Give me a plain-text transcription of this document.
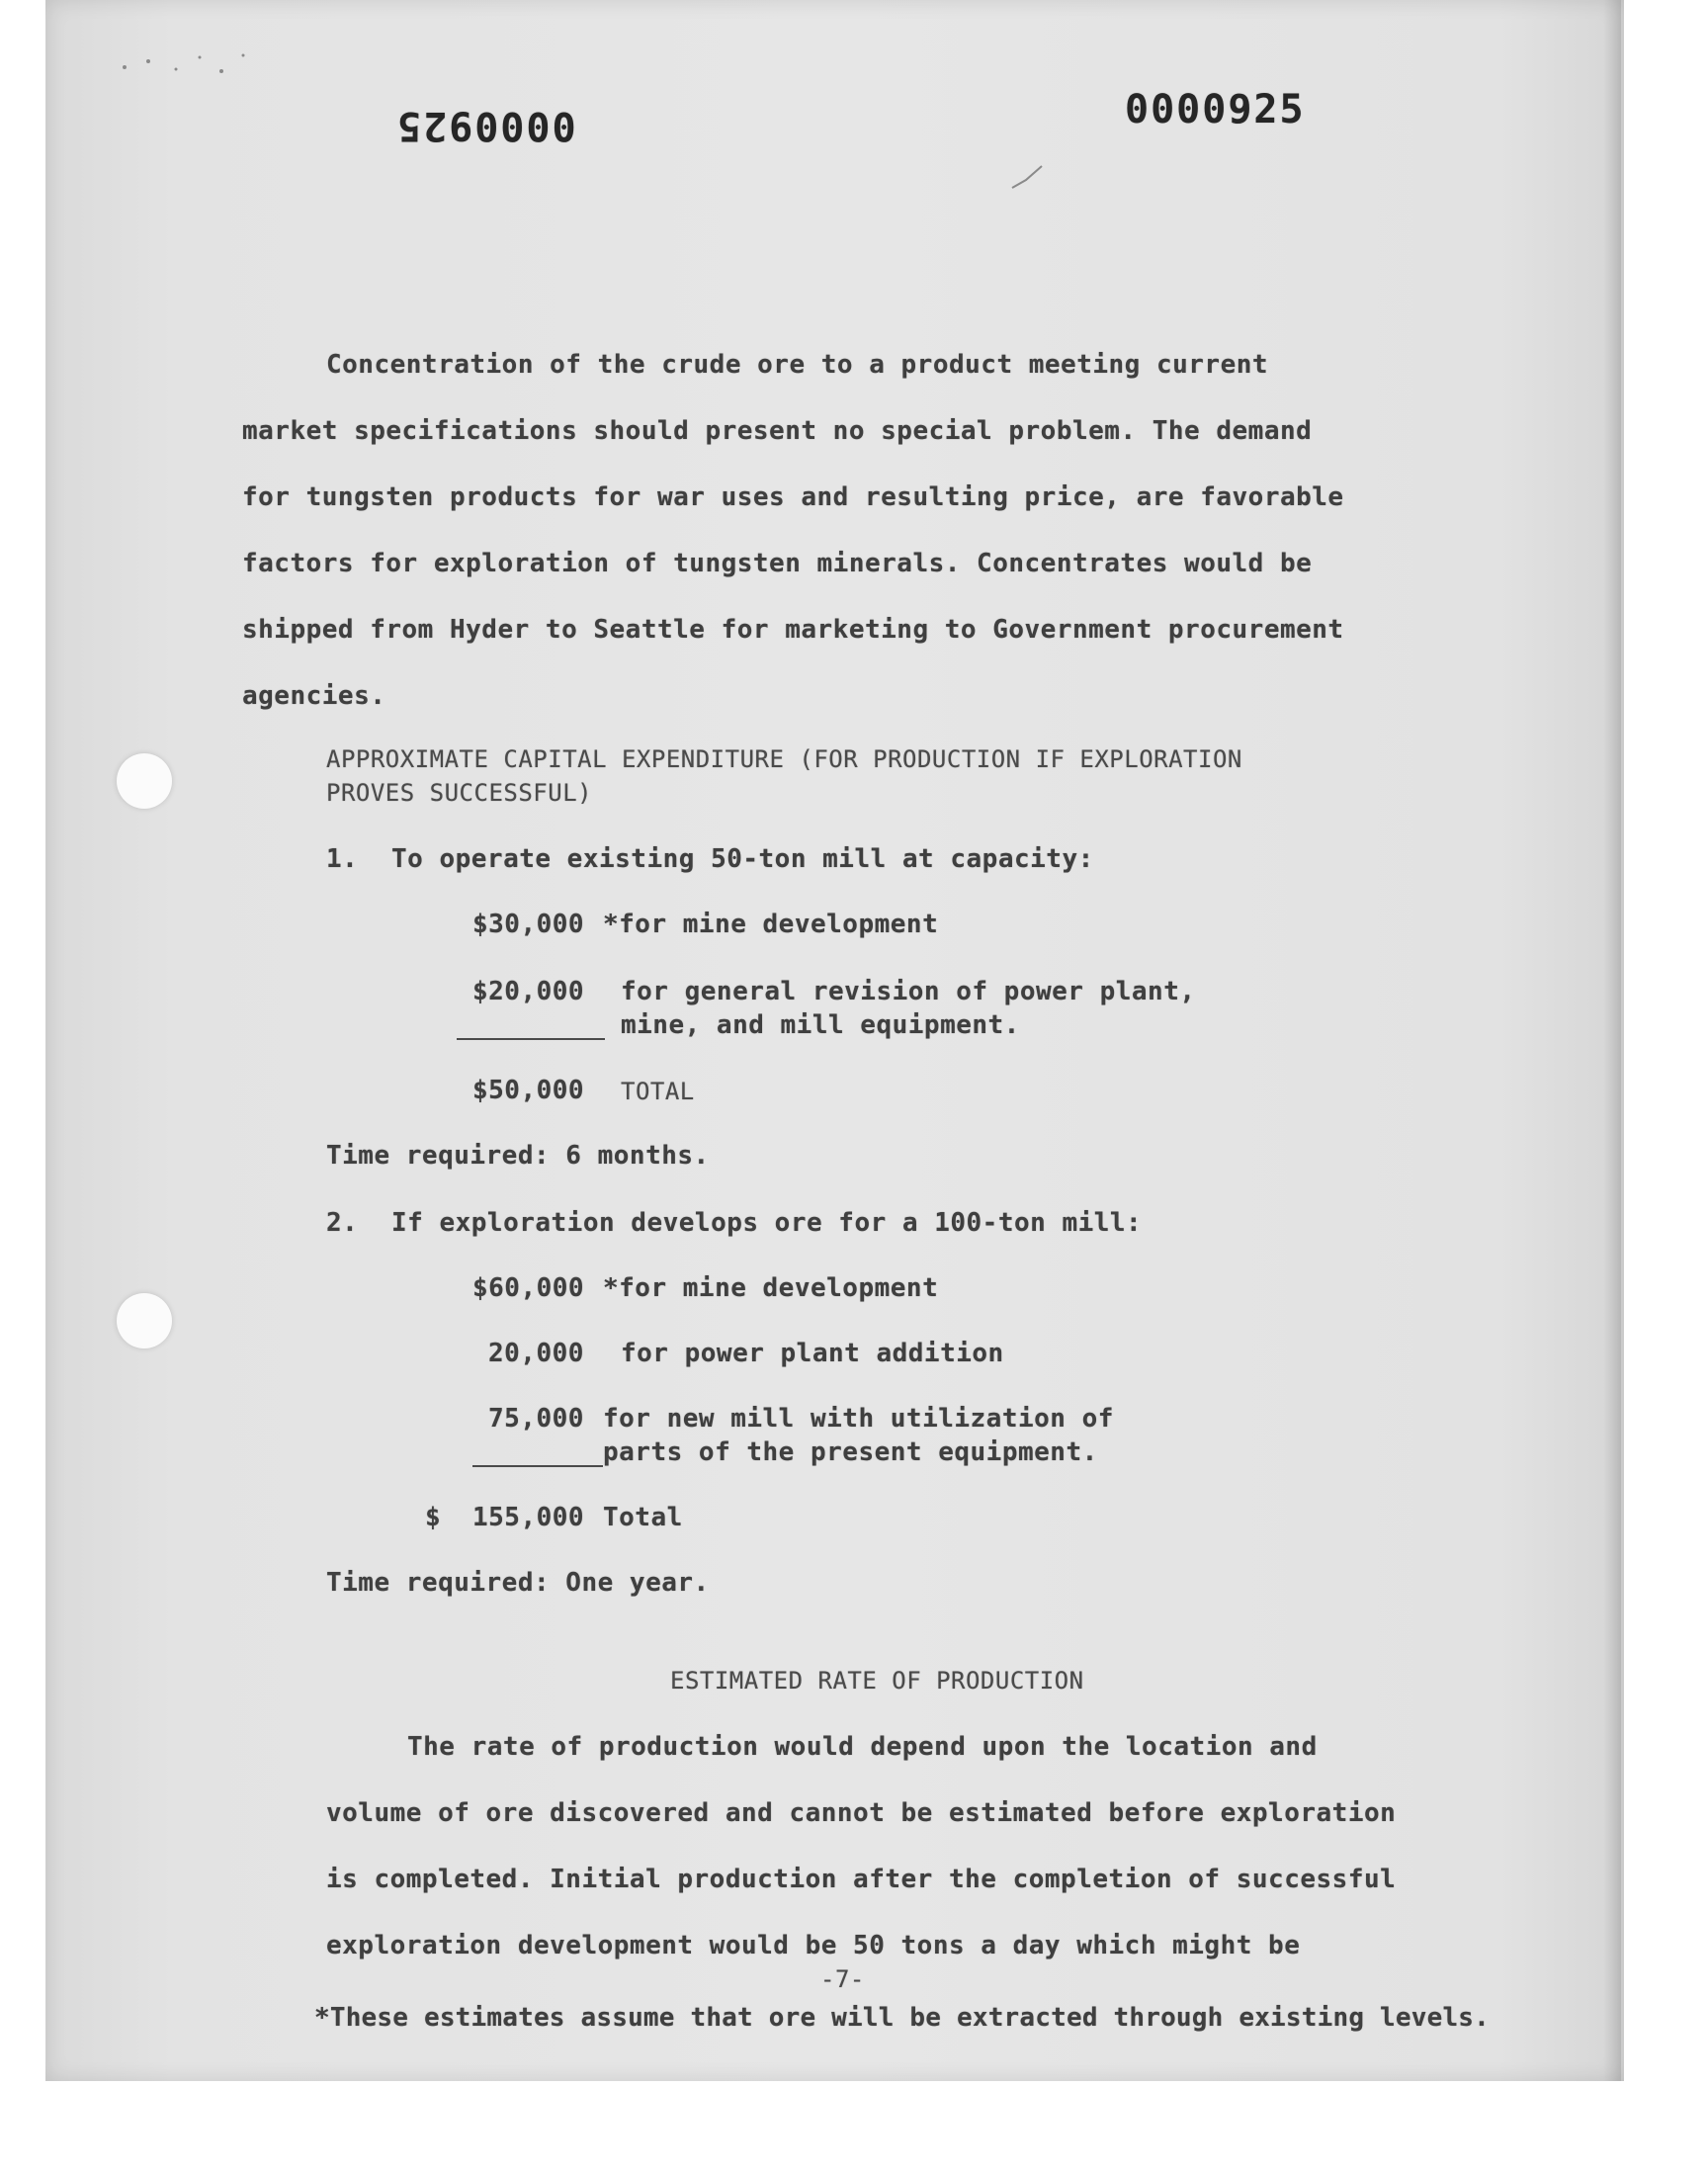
0000925	0000925
Concentration of the crude ore to a product meeting current
market specifications should present no special problem. The demand
for tungsten products for war uses and resulting price, are favorable
factors for exploration of tungsten minerals. Concentrates would be
shipped from Hyder to Seattle for marketing to Government procurement
agencies.
APPROXIMATE CAPITAL EXPENDITURE (FOR PRODUCTION IF EXPLORATION
PROVES SUCCESSFUL)
1. To operate existing 50-ton mill at capacity:
$30,000 *for mine development
$20,000 for general revision of power plant,
mine, and mill equipment.
$50,000 TOTAL
Time required: 6 months.
2. If exploration develops ore for a 100-ton mill:
$60,000 *for mine development
20,000 for power plant addition
75,000 for new mill with utilization of
parts of the present equipment.
$ 155,000 Total
Time required: One year.
ESTIMATED RATE OF PRODUCTION
The rate of production would depend upon the location and
volume of ore discovered and cannot be estimated before exploration
is completed. Initial production after the completion of successful
exploration development would be 50 tons a day which might be
-7-
*These estimates assume that ore will be extracted through existing levels.
